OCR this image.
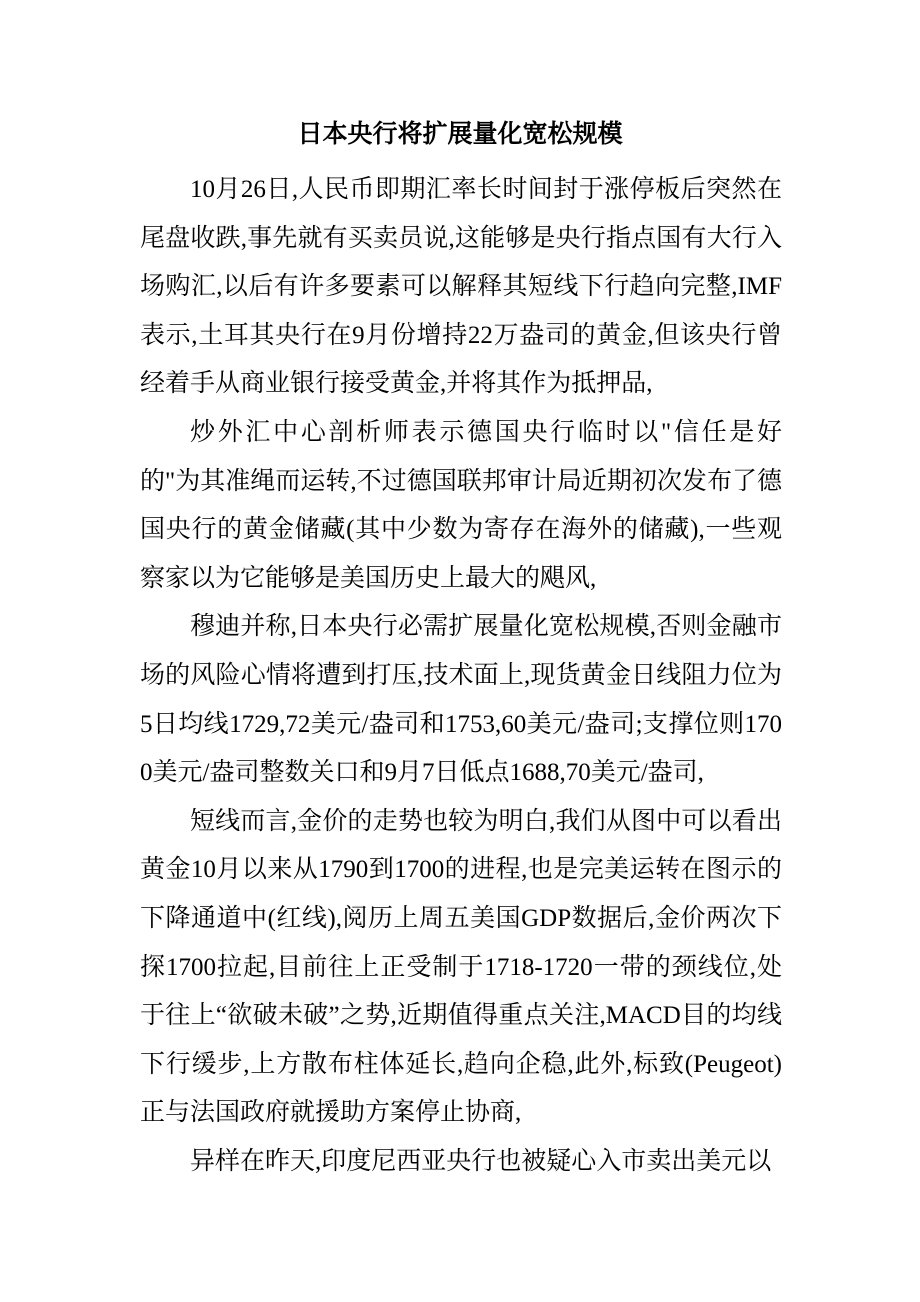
日本央行将扩展量化宽松规模

10月26日,人民币即期汇率长时间封于涨停板后突然在尾盘收跌,事先就有买卖员说,这能够是央行指点国有大行入场购汇,以后有许多要素可以解释其短线下行趋向完整,IMF表示,土耳其央行在9月份增持22万盎司的黄金,但该央行曾经着手从商业银行接受黄金,并将其作为抵押品,

炒外汇中心剖析师表示德国央行临时以"信任是好的"为其准绳而运转,不过德国联邦审计局近期初次发布了德国央行的黄金储藏(其中少数为寄存在海外的储藏),一些观察家以为它能够是美国历史上最大的飓风,

穆迪并称,日本央行必需扩展量化宽松规模,否则金融市场的风险心情将遭到打压,技术面上,现货黄金日线阻力位为5日均线1729,72美元/盎司和1753,60美元/盎司;支撑位则1700美元/盎司整数关口和9月7日低点1688,70美元/盎司,

短线而言,金价的走势也较为明白,我们从图中可以看出黄金10月以来从1790到1700的进程,也是完美运转在图示的下降通道中(红线),阅历上周五美国GDP数据后,金价两次下探1700拉起,目前往上正受制于1718-1720一带的颈线位,处于往上“欲破未破”之势,近期值得重点关注,MACD目的均线下行缓步,上方散布柱体延长,趋向企稳,此外,标致(Peugeot)正与法国政府就援助方案停止协商,

异样在昨天,印度尼西亚央行也被疑心入市卖出美元以
